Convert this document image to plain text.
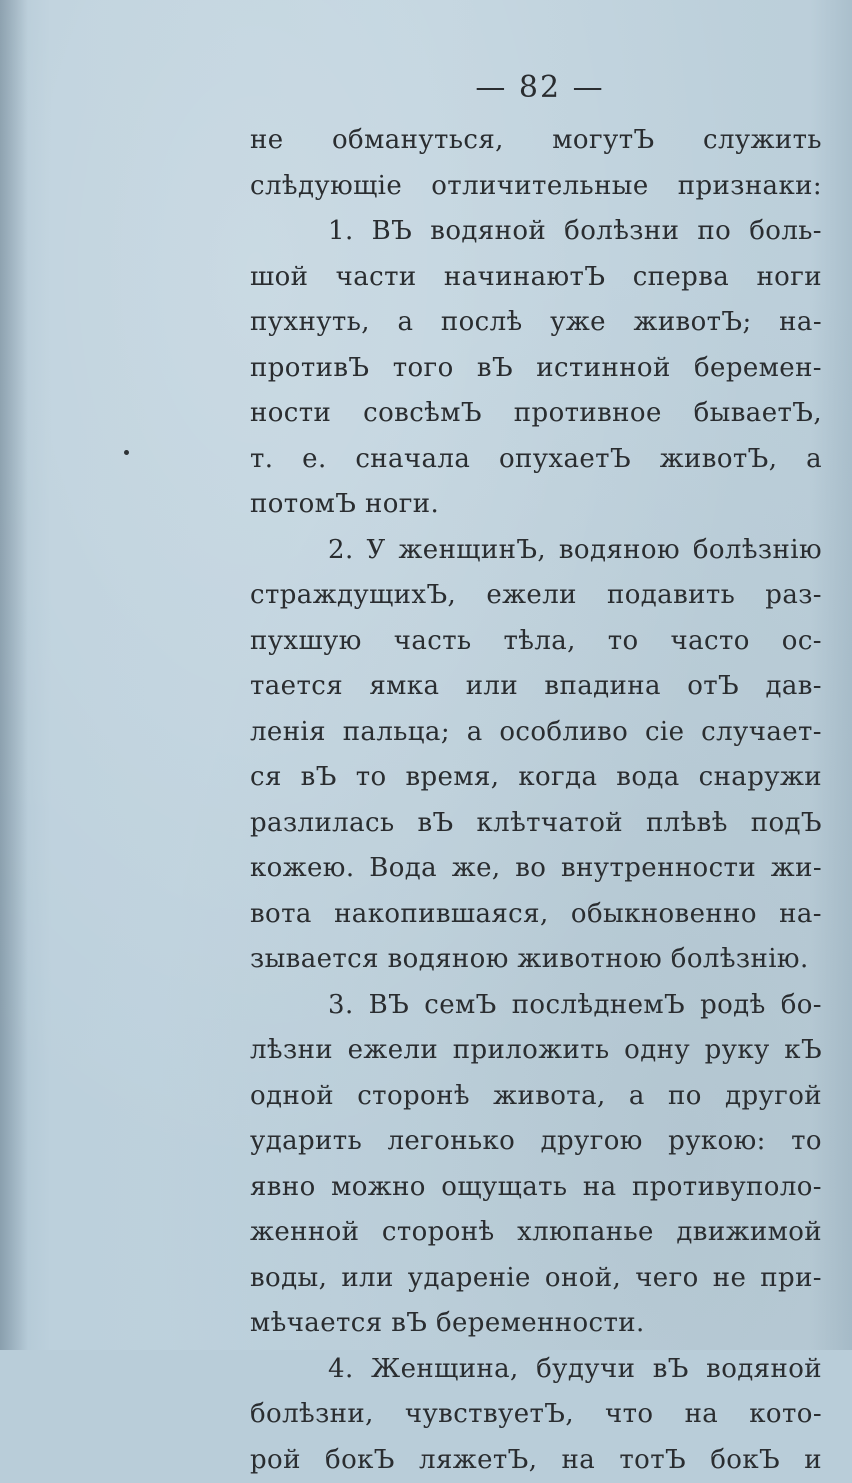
— 82 —
не обмануться, могутЪ служить
слѣдующіе отличительные признаки:
1. ВЪ водяной болѣзни по боль-
шой части начинаютЪ сперва ноги
пухнуть, а послѣ уже животЪ; на-
противЪ того вЪ истинной беремен-
ности совсѣмЪ противное бываетЪ,
т. е. сначала опухаетЪ животЪ, а
потомЪ ноги.
2. У женщинЪ, водяною болѣзнію
страждущихЪ, ежели подавить раз-
пухшую часть тѣла, то часто ос-
тается ямка или впадина отЪ дав-
ленія пальца; а особливо сіе случает-
ся вЪ то время, когда вода снаружи
разлилась вЪ клѣтчатой плѣвѣ подЪ
кожею. Вода же, во внутренности жи-
вота накопившаяся, обыкновенно на-
зывается водяною животною болѣзнію.
3. ВЪ семЪ послѣднемЪ родѣ бо-
лѣзни ежели приложить одну руку кЪ
одной сторонѣ живота, а по другой
ударить легонько другою рукою: то
явно можно ощущать на противуполо-
женной сторонѣ хлюпанье движимой
воды, или удареніе оной, чего не при-
мѣчается вЪ беременности.
4. Женщина, будучи вЪ водяной
болѣзни, чувствуетЪ, что на кото-
рой бокЪ ляжетЪ, на тотЪ бокЪ и
